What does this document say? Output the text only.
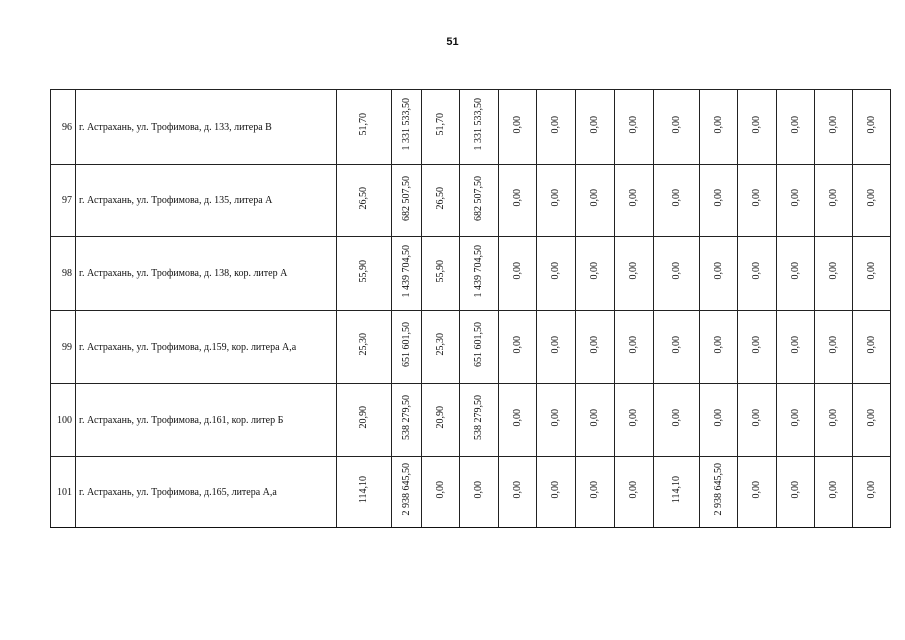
51
96	г. Астрахань, ул. Трофимова, д. 133, литера В	51,70	1 331 533,50	51,70	1 331 533,50	0,00	0,00	0,00	0,00	0,00	0,00	0,00	0,00	0,00	0,00
97	г. Астрахань, ул. Трофимова, д. 135, литера А	26,50	682 507,50	26,50	682 507,50	0,00	0,00	0,00	0,00	0,00	0,00	0,00	0,00	0,00	0,00
98	г. Астрахань, ул. Трофимова, д. 138, кор. литер А	55,90	1 439 704,50	55,90	1 439 704,50	0,00	0,00	0,00	0,00	0,00	0,00	0,00	0,00	0,00	0,00
99	г. Астрахань, ул. Трофимова, д.159, кор. литера А,а	25,30	651 601,50	25,30	651 601,50	0,00	0,00	0,00	0,00	0,00	0,00	0,00	0,00	0,00	0,00
100	г. Астрахань, ул. Трофимова, д.161, кор. литер Б	20,90	538 279,50	20,90	538 279,50	0,00	0,00	0,00	0,00	0,00	0,00	0,00	0,00	0,00	0,00
101	г. Астрахань, ул. Трофимова, д.165, литера А,а	114,10	2 938 645,50	0,00	0,00	0,00	0,00	0,00	0,00	114,10	2 938 645,50	0,00	0,00	0,00	0,00
